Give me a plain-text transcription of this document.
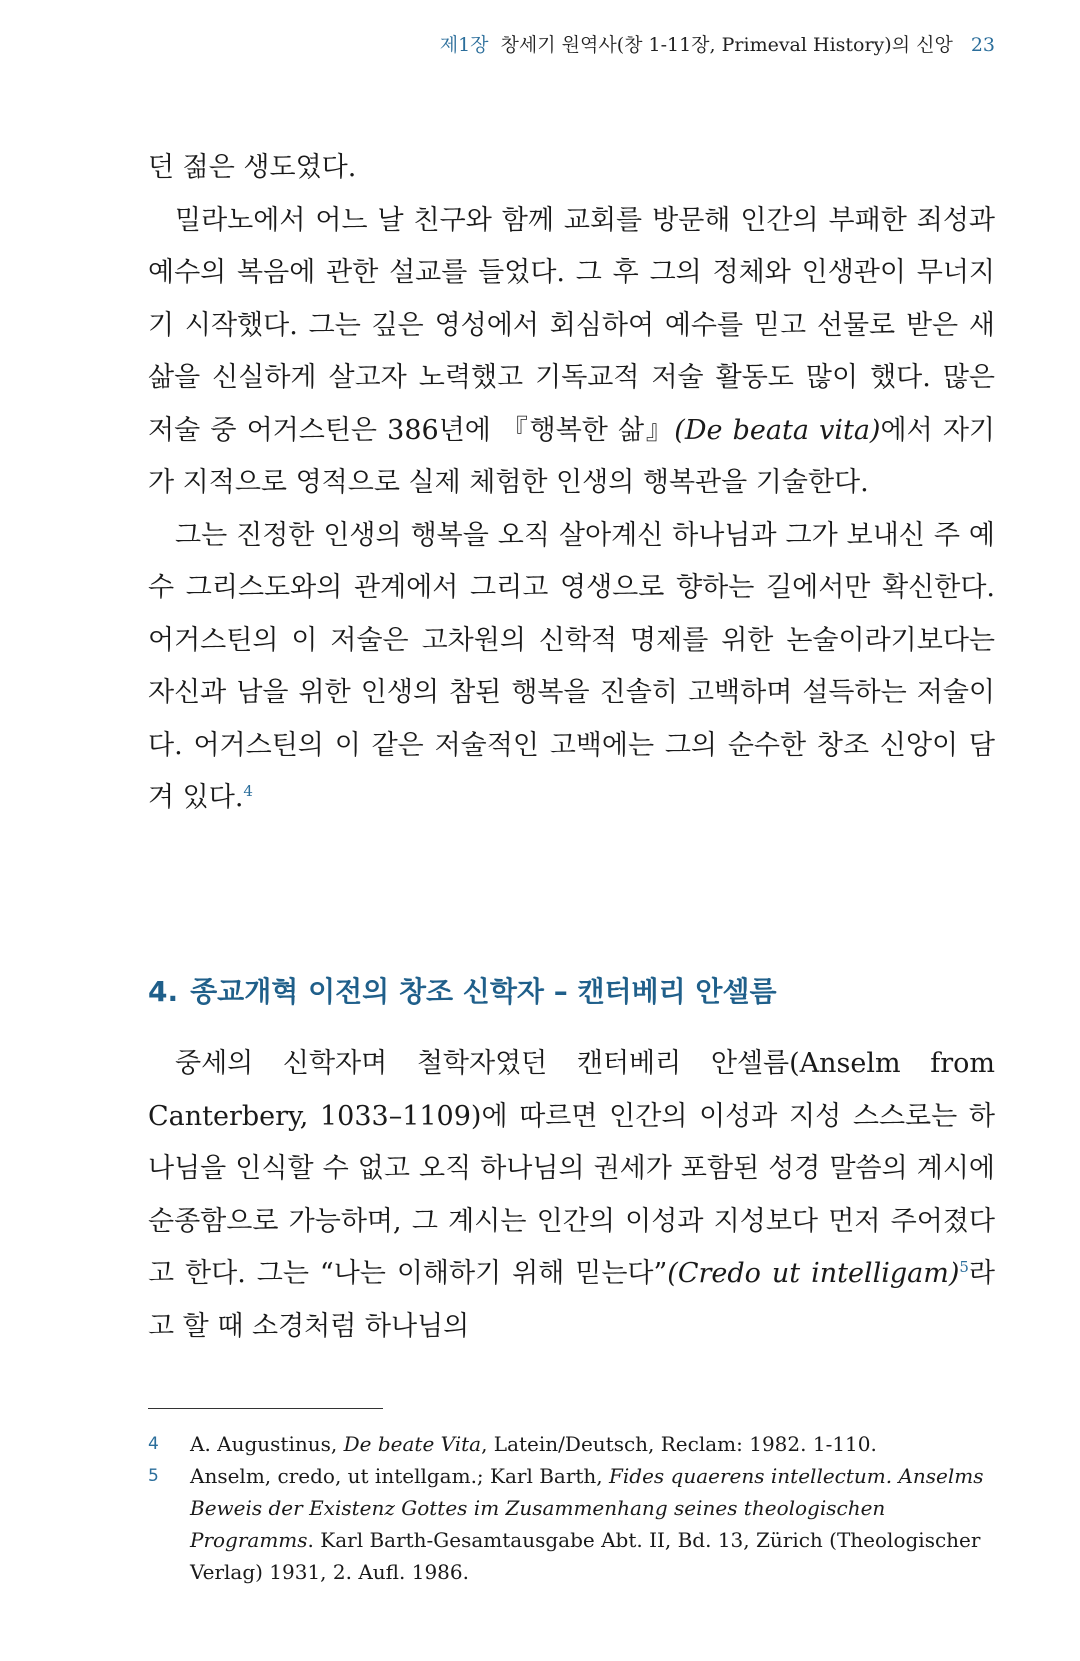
제1장 창세기 원역사(창 1-11장, Primeval History)의 신앙 23

던 젊은 생도였다.

밀라노에서 어느 날 친구와 함께 교회를 방문해 인간의 부패한 죄성과 예수의 복음에 관한 설교를 들었다. 그 후 그의 정체와 인생관이 무너지기 시작했다. 그는 깊은 영성에서 회심하여 예수를 믿고 선물로 받은 새 삶을 신실하게 살고자 노력했고 기독교적 저술 활동도 많이 했다. 많은 저술 중 어거스틴은 386년에 『행복한 삶』(De beata vita)에서 자기가 지적으로 영적으로 실제 체험한 인생의 행복관을 기술한다.

그는 진정한 인생의 행복을 오직 살아계신 하나님과 그가 보내신 주 예수 그리스도와의 관계에서 그리고 영생으로 향하는 길에서만 확신한다. 어거스틴의 이 저술은 고차원의 신학적 명제를 위한 논술이라기보다는 자신과 남을 위한 인생의 참된 행복을 진솔히 고백하며 설득하는 저술이다. 어거스틴의 이 같은 저술적인 고백에는 그의 순수한 창조 신앙이 담겨 있다.$^4$

4. 종교개혁 이전의 창조 신학자 – 캔터베리 안셀름

중세의 신학자며 철학자였던 캔터베리 안셀름(Anselm from Canterbery, 1033–1109)에 따르면 인간의 이성과 지성 스스로는 하나님을 인식할 수 없고 오직 하나님의 권세가 포함된 성경 말씀의 계시에 순종함으로 가능하며, 그 계시는 인간의 이성과 지성보다 먼저 주어졌다고 한다. 그는 “나는 이해하기 위해 믿는다”(Credo ut intelligam)$^5$라고 할 때 소경처럼 하나님의

4	A. Augustinus, De beate Vita, Latein/Deutsch, Reclam: 1982. 1-110.
5	Anselm, credo, ut intellgam.; Karl Barth, Fides quaerens intellectum. Anselms Beweis der Existenz Gottes im Zusammenhang seines theologischen Programms. Karl Barth-Gesamtausgabe Abt. II, Bd. 13, Zürich (Theologischer Verlag) 1931, 2. Aufl. 1986.
